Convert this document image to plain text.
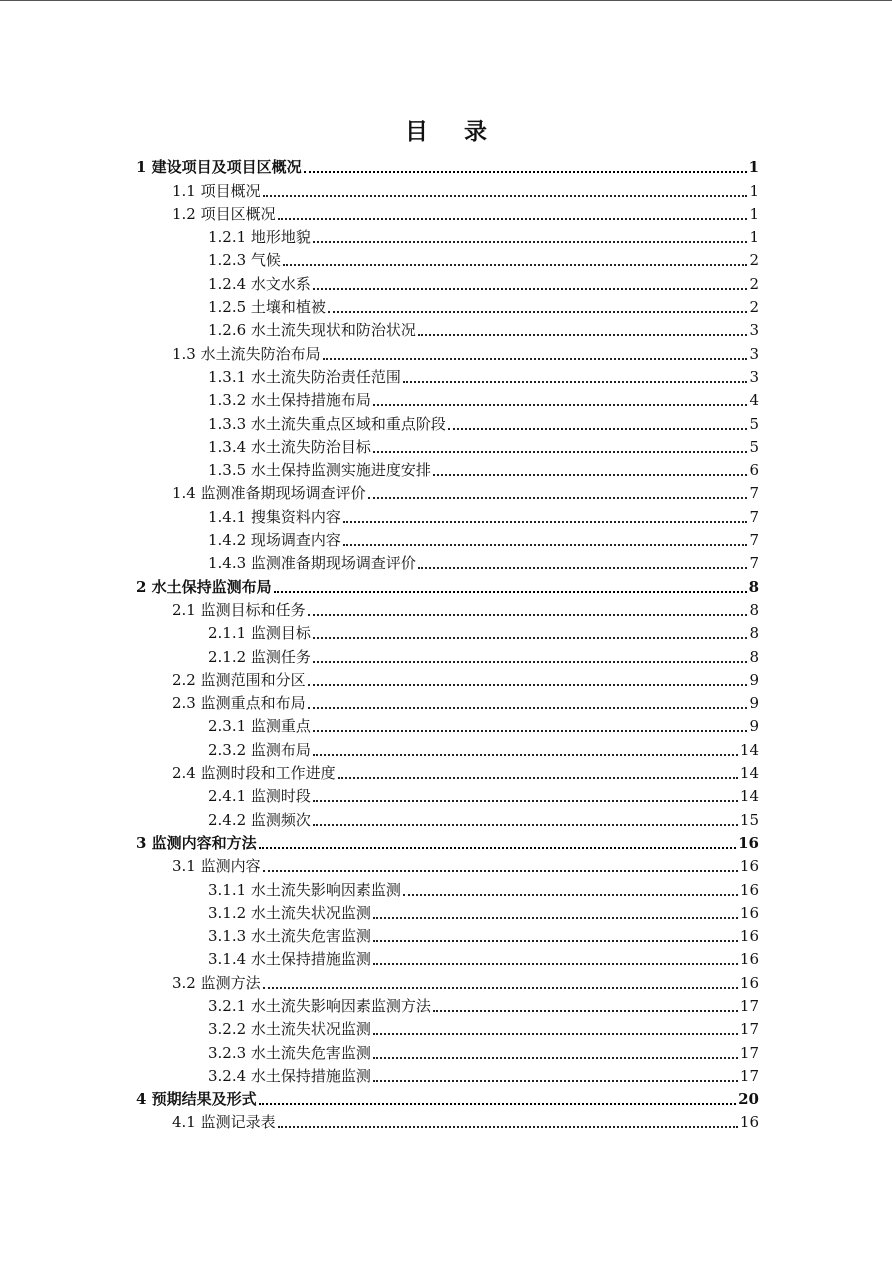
目 录
1 建设项目及项目区概况	1
1.1 项目概况	1
1.2 项目区概况	1
1.2.1 地形地貌	1
1.2.3 气候	2
1.2.4 水文水系	2
1.2.5 土壤和植被	2
1.2.6 水土流失现状和防治状况	3
1.3 水土流失防治布局	3
1.3.1 水土流失防治责任范围	3
1.3.2 水土保持措施布局	4
1.3.3 水土流失重点区域和重点阶段	5
1.3.4 水土流失防治目标	5
1.3.5 水土保持监测实施进度安排	6
1.4 监测准备期现场调查评价	7
1.4.1 搜集资料内容	7
1.4.2 现场调查内容	7
1.4.3 监测准备期现场调查评价	7
2 水土保持监测布局	8
2.1 监测目标和任务	8
2.1.1 监测目标	8
2.1.2 监测任务	8
2.2 监测范围和分区	9
2.3 监测重点和布局	9
2.3.1 监测重点	9
2.3.2 监测布局	14
2.4 监测时段和工作进度	14
2.4.1 监测时段	14
2.4.2 监测频次	15
3 监测内容和方法	16
3.1 监测内容	16
3.1.1 水土流失影响因素监测	16
3.1.2 水土流失状况监测	16
3.1.3 水土流失危害监测	16
3.1.4 水土保持措施监测	16
3.2 监测方法	16
3.2.1 水土流失影响因素监测方法	17
3.2.2 水土流失状况监测	17
3.2.3 水土流失危害监测	17
3.2.4 水土保持措施监测	17
4 预期结果及形式	20
4.1 监测记录表	16
